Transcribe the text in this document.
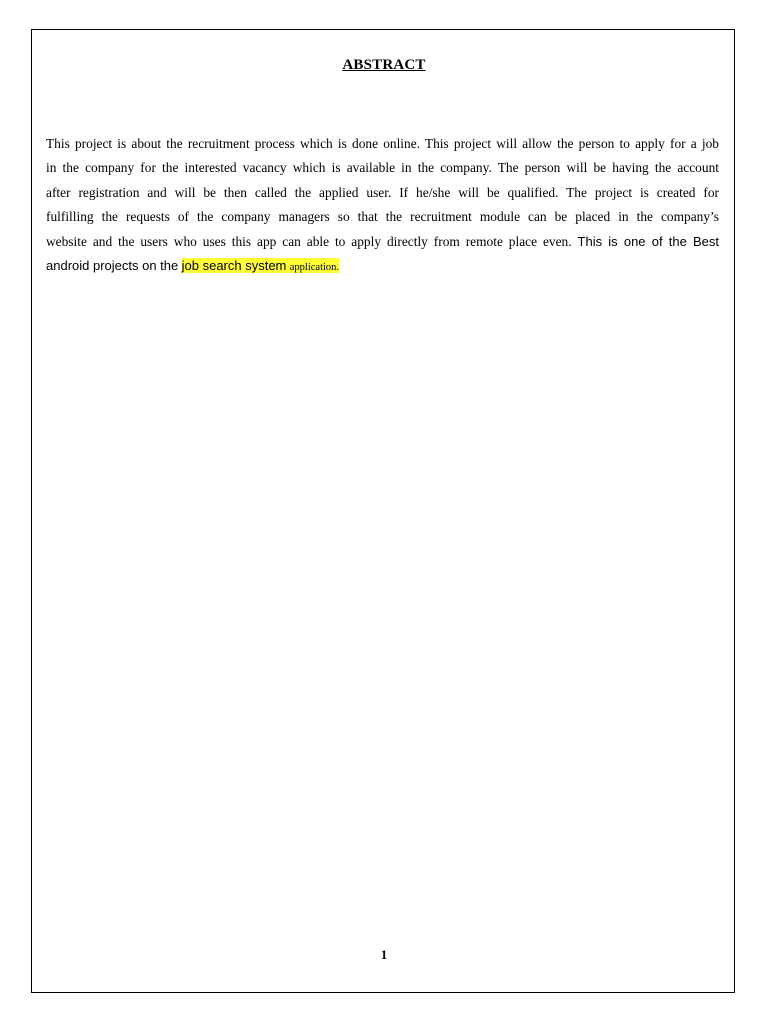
ABSTRACT
This project is about the recruitment process which is done online. This project will allow the person to apply for a job
in the company for the interested vacancy which is available in the company. The person will be having the account
after registration and will be then called the applied user. If he/she will be qualified. The project is created for
fulfilling the requests of the company managers so that the recruitment module can be placed in the company’s
website and the users who uses this app can able to apply directly from remote place even. This is one of the Best
android projects on the job search system application.
1
